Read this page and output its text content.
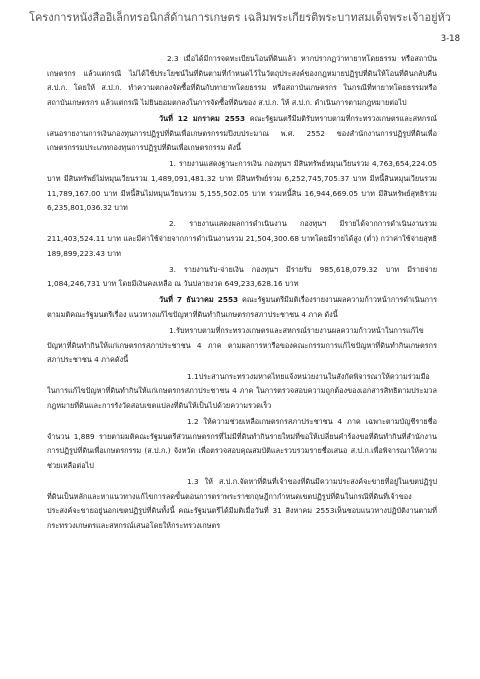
โครงการหนังสืออิเล็กทรอนิกส์ด้านการเกษตร เฉลิมพระเกียรติพระบาทสมเด็จพระเจ้าอยู่หัว
3-18

2.3 เมื่อได้มีการจดทะเบียนโอนที่ดินแล้ว หากปรากฏว่าทายาทโดยธรรม หรือสถาบันเกษตรกร แล้วแต่กรณี ไม่ได้ใช้ประโยชน์ในที่ดินตามที่กำหนดไว้ในวัตถุประสงค์ของกฎหมายปฏิรูปที่ดินให้โอนที่ดินกลับคืน ส.ป.ก. โดยให้ ส.ป.ก. ทำความตกลงจัดซื้อที่ดินกับทายาทโดยธรรม หรือสถาบันเกษตรกร ในกรณีที่ทายาทโดยธรรมหรือสถาบันเกษตรกร แล้วแต่กรณี ไม่ยินยอมตกลงในการจัดซื้อที่ดินของ ส.ป.ก. ให้ ส.ป.ก. ดำเนินการตามกฎหมายต่อไป

วันที่ 12 มกราคม 2553 คณะรัฐมนตรีมีมติรับทราบตามที่กระทรวงเกษตรและสหกรณ์เสนอรายงานการเงินกองทุนการปฏิรูปที่ดินเพื่อเกษตรกรรมปีงบประมาณ พ.ศ. 2552 ของสำนักงานการปฏิรูปที่ดินเพื่อเกษตรกรรมประเภทกองทุนการปฏิรูปที่ดินเพื่อเกษตรกรรม ดังนี้

1. รายงานแสดงฐานะการเงิน กองทุนฯ มีสินทรัพย์หมุนเวียนรวม 4,763,654,224.05 บาท มีสินทรัพย์ไม่หมุนเวียนรวม 1,489,091,481.32 บาท มีสินทรัพย์รวม 6,252,745,705.37 บาท มีหนี้สินหมุนเวียนรวม 11,789,167.00 บาท มีหนี้สินไม่หมุนเวียนรวม 5,155,502.05 บาท รวมหนี้สิน 16,944,669.05 บาท มีสินทรัพย์สุทธิรวม 6,235,801,036.32 บาท

2. รายงานแสดงผลการดำเนินงาน กองทุนฯ มีรายได้จากการดำเนินงานรวม 211,403,524.11 บาท และมีค่าใช้จ่ายจากการดำเนินงานรวม 21,504,300.68 บาทโดยมีรายได้สูง (ต่ำ) กว่าค่าใช้จ่ายสุทธิ 189,899,223.43 บาท

3. รายงานรับ-จ่ายเงิน กองทุนฯ มีรายรับ 985,618,079.32 บาท มีรายจ่าย 1,084,246,731 บาท โดยมีเงินคงเหลือ ณ วันปลายงวด 649,233,628.16 บาท

วันที่ 7 ธันวาคม 2553 คณะรัฐมนตรีมีมติเรื่องรายงานผลความก้าวหน้าการดำเนินการตามมติคณะรัฐมนตรีเรื่อง แนวทางแก้ไขปัญหาที่ดินทำกินเกษตรกรสภาประชาชน 4 ภาค ดังนี้

1.รับทราบตามที่กระทรวงเกษตรและสหกรณ์รายงานผลความก้าวหน้าในการแก้ไขปัญหาที่ดินทำกินให้แก่เกษตรกรสภาประชาชน 4 ภาค ตามผลการหารือของคณะกรรมการแก้ไขปัญหาที่ดินทำกินเกษตรกรสภาประชาชน 4 ภาคดังนี้

1.1ประสานกระทรวงมหาดไทยแจ้งหน่วยงานในสังกัดพิจารณาให้ความร่วมมือในการแก้ไขปัญหาที่ดินทำกินให้แก่เกษตรกรสภาประชาชน 4 ภาค ในการตรวจสอบความถูกต้องของเอกสารสิทธิตามประมวลกฎหมายที่ดินและการรังวัดสอบเขตแปลงที่ดินให้เป็นไปด้วยความรวดเร็ว

1.2 ให้ความช่วยเหลือเกษตรกรสภาประชาชน 4 ภาค เฉพาะตามบัญชีรายชื่อ จำนวน 1,889 รายตามมติคณะรัฐมนตรีส่วนเกษตรกรที่ไม่มีที่ดินทำกินรายใหม่ที่ขอให้เปลี่ยนคำร้องขอที่ดินทำกินที่สำนักงานการปฏิรูปที่ดินเพื่อเกษตรกรรม (ส.ป.ก.) จังหวัด เพื่อตรวจสอบคุณสมบัติและรวบรวมรายชื่อเสนอ ส.ป.ก.เพื่อพิจารณาให้ความช่วยเหลือต่อไป

1.3 ให้ ส.ป.ก.จัดหาที่ดินที่เจ้าของที่ดินมีความประสงค์จะขายที่อยู่ในเขตปฏิรูปที่ดินเป็นหลักและหาแนวทางแก้ไขการลดขั้นตอนการตราพระราชกฤษฎีกากำหนดเขตปฏิรูปที่ดินในกรณีที่ดินที่เจ้าของประสงค์จะขายอยู่นอกเขตปฏิรูปที่ดินทั้งนี้ คณะรัฐมนตรีได้มีมติเมื่อวันที่ 31 สิงหาคม 2553เห็นชอบแนวทางปฏิบัติงานตามที่กระทรวงเกษตรและสหกรณ์เสนอโดยให้กระทรวงเกษตร
